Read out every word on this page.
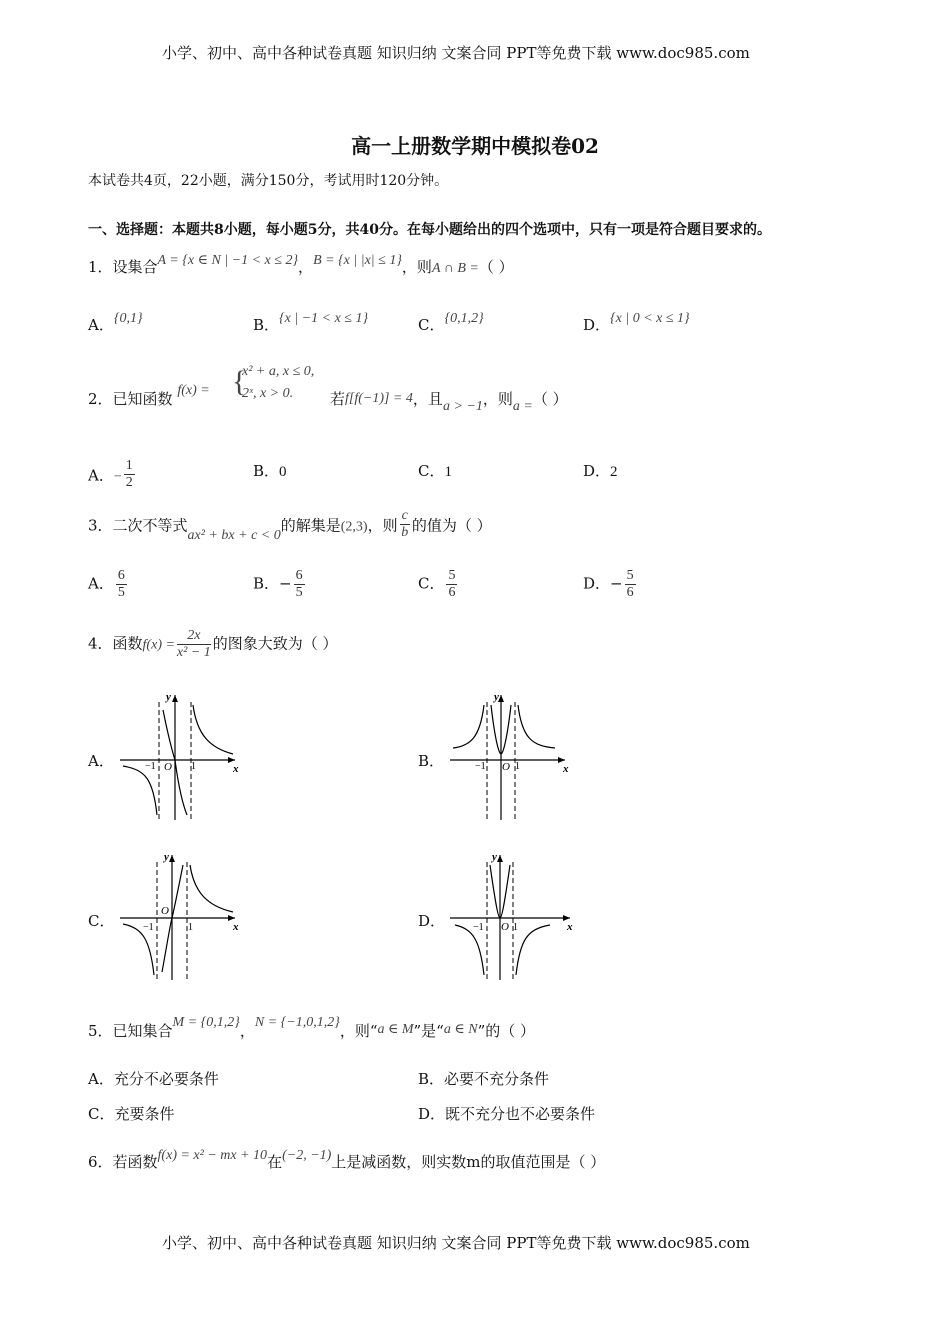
小学、初中、高中各种试卷真题 知识归纳 文案合同 PPT等免费下载 www.doc985.com
高一上册数学期中模拟卷02
本试卷共4页，22小题，满分150分，考试用时120分钟。
一、选择题：本题共8小题，每小题5分，共40分。在每小题给出的四个选项中，只有一项是符合题目要求的。
1．设集合A = {x ∈ N | −1 < x ≤ 2}，B = {x | |x| ≤ 1}，则A ∩ B =（ ）
A．{0,1}	B．{x | −1 < x ≤ 1}	C．{0,1,2}	D．{x | 0 < x ≤ 1}
2．已知函数 f(x) = {
x² + a, x ≤ 0,
2ˣ, x > 0. 若f[f(−1)] = 4，且a > −1，则a =（ ）
A．− $\frac{1}{2}$	B．0	C．1	D．2
3．二次不等式ax² + bx + c < 0的解集是(2,3)，则 $\frac{c}{b}$ 的值为（ ）
A． $\frac{6}{5}$	B．− $\frac{6}{5}$	C． $\frac{5}{6}$	D．− $\frac{5}{6}$
4．函数$f(x) = \frac{2x}{\text{x² − 1}}$ 的图象大致为（ ）
A．	B．
C．	D．
y
x
O
−1	1
y
x
O
−1	1
y
x
O
−1	1
y
x
O
−1	1
5．已知集合M = {0,1,2}，N = {−1,0,1,2}，则“a ∈ M”是“a ∈ N”的（ ）
A．充分不必要条件	B．必要不充分条件
C．充要条件	D．既不充分也不必要条件
6．若函数f(x) = x² − mx + 10在(−2, −1)上是减函数，则实数m的取值范围是（ ）
小学、初中、高中各种试卷真题 知识归纳 文案合同 PPT等免费下载 www.doc985.com
